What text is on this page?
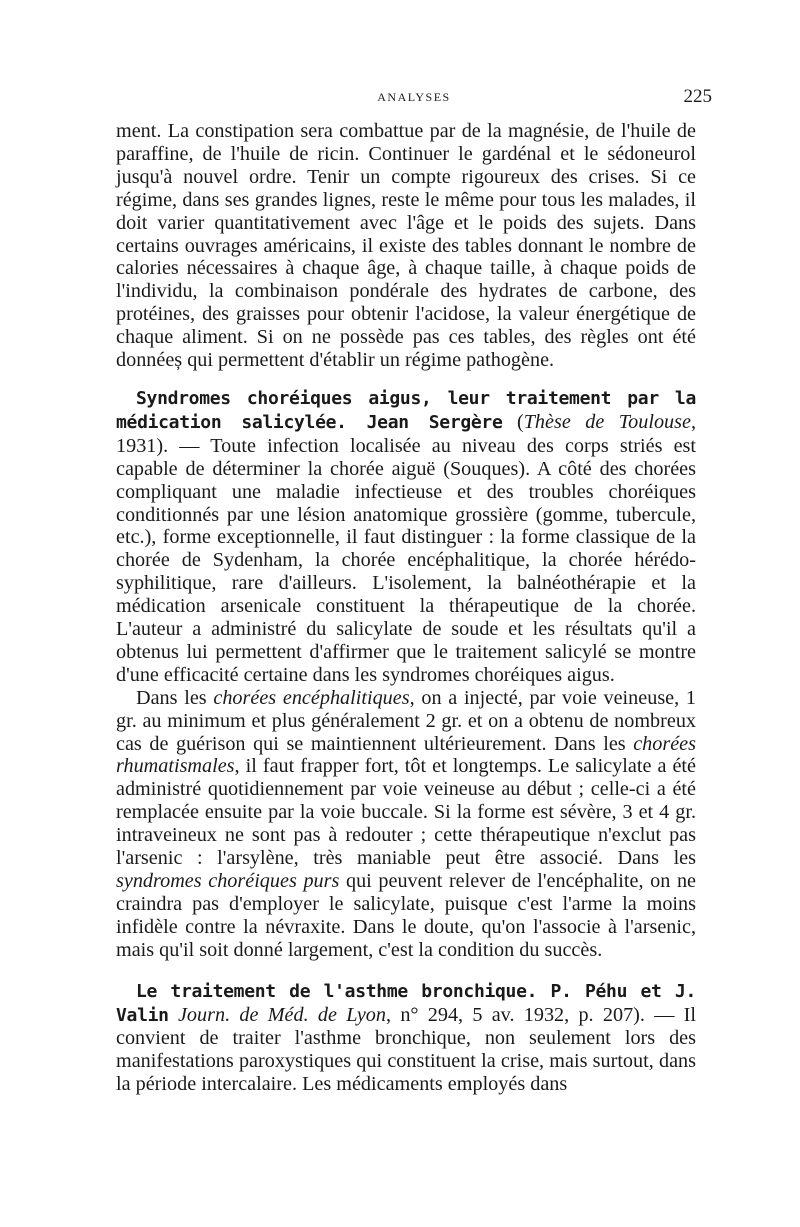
ANALYSES	225

ment. La constipation sera combattue par de la magnésie, de l'huile de paraffine, de l'huile de ricin. Continuer le gardénal et le sédoneurol jusqu'à nouvel ordre. Tenir un compte rigoureux des crises. Si ce régime, dans ses grandes lignes, reste le même pour tous les malades, il doit varier quantitativement avec l'âge et le poids des sujets. Dans certains ouvrages américains, il existe des tables donnant le nombre de calories nécessaires à chaque âge, à chaque taille, à chaque poids de l'individu, la combinaison pondérale des hydrates de carbone, des protéines, des graisses pour obtenir l'acidose, la valeur énergétique de chaque aliment. Si on ne possède pas ces tables, des règles ont été donnéeș qui permettent d'établir un régime pathogène.

Syndromes choréiques aigus, leur traitement par la médication salicylée. Jean Sergère (Thèse de Toulouse, 1931). — Toute infection localisée au niveau des corps striés est capable de déterminer la chorée aiguë (Souques). A côté des chorées compliquant une maladie infectieuse et des troubles choréiques conditionnés par une lésion anatomique grossière (gomme, tubercule, etc.), forme exceptionnelle, il faut distinguer : la forme classique de la chorée de Sydenham, la chorée encéphalitique, la chorée hérédo-syphilitique, rare d'ailleurs. L'isolement, la balnéothérapie et la médication arsenicale constituent la thérapeutique de la chorée. L'auteur a administré du salicylate de soude et les résultats qu'il a obtenus lui permettent d'affirmer que le traitement salicylé se montre d'une efficacité certaine dans les syndromes choréiques aigus.

Dans les chorées encéphalitiques, on a injecté, par voie veineuse, 1 gr. au minimum et plus généralement 2 gr. et on a obtenu de nombreux cas de guérison qui se maintiennent ultérieurement. Dans les chorées rhumatismales, il faut frapper fort, tôt et longtemps. Le salicylate a été administré quotidiennement par voie veineuse au début ; celle-ci a été remplacée ensuite par la voie buccale. Si la forme est sévère, 3 et 4 gr. intraveineux ne sont pas à redouter ; cette thérapeutique n'exclut pas l'arsenic : l'arsylène, très maniable peut être associé. Dans les syndromes choréiques purs qui peuvent relever de l'encéphalite, on ne craindra pas d'employer le salicylate, puisque c'est l'arme la moins infidèle contre la névraxite. Dans le doute, qu'on l'associe à l'arsenic, mais qu'il soit donné largement, c'est la condition du succès.

Le traitement de l'asthme bronchique. P. Péhu et J. Valin Journ. de Méd. de Lyon, n° 294, 5 av. 1932, p. 207). — Il convient de traiter l'asthme bronchique, non seulement lors des manifestations paroxystiques qui constituent la crise, mais surtout, dans la période intercalaire. Les médicaments employés dans
